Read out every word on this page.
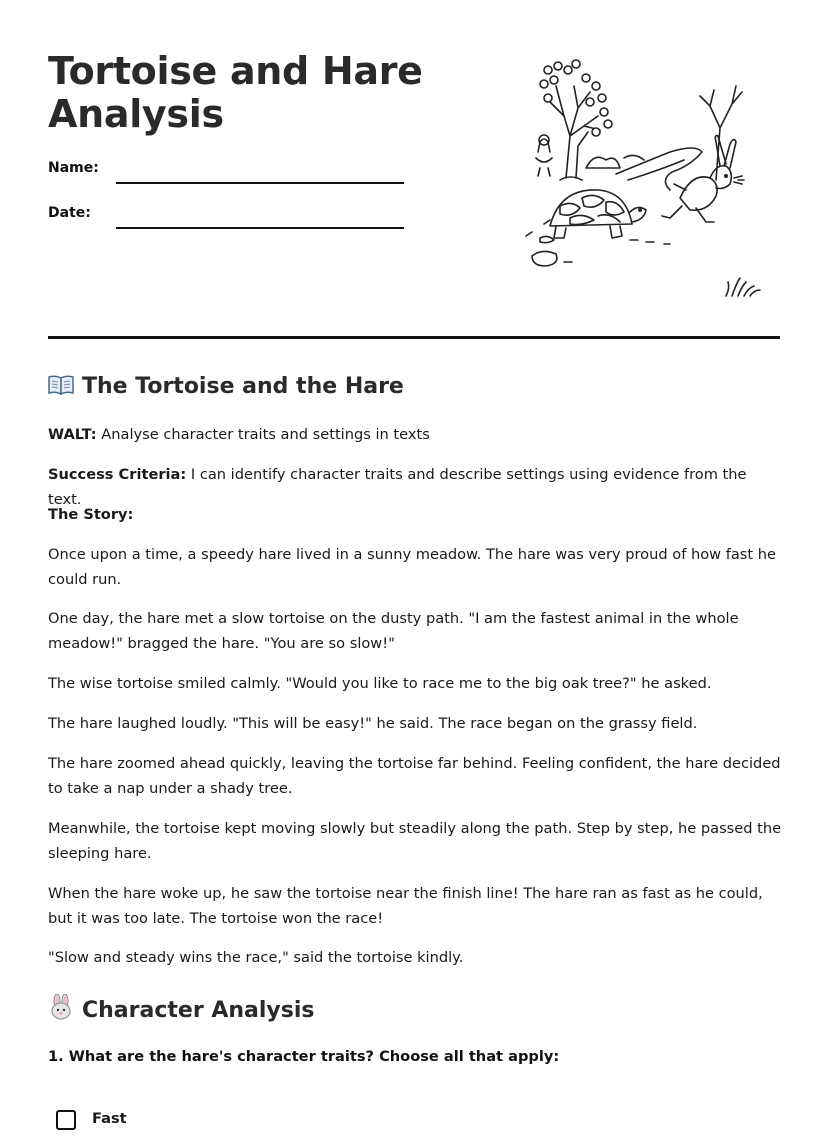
Tortoise and Hare Analysis
Name:
Date:
The Tortoise and the Hare

WALT: Analyse character traits and settings in texts

Success Criteria: I can identify character traits and describe settings using evidence from the text.

The Story:

Once upon a time, a speedy hare lived in a sunny meadow. The hare was very proud of how fast he could run.

One day, the hare met a slow tortoise on the dusty path. "I am the fastest animal in the whole meadow!" bragged the hare. "You are so slow!"

The wise tortoise smiled calmly. "Would you like to race me to the big oak tree?" he asked.

The hare laughed loudly. "This will be easy!" he said. The race began on the grassy field.

The hare zoomed ahead quickly, leaving the tortoise far behind. Feeling confident, the hare decided to take a nap under a shady tree.

Meanwhile, the tortoise kept moving slowly but steadily along the path. Step by step, he passed the sleeping hare.

When the hare woke up, he saw the tortoise near the finish line! The hare ran as fast as he could, but it was too late. The tortoise won the race!

"Slow and steady wins the race," said the tortoise kindly.

Character Analysis

1. What are the hare's character traits? Choose all that apply:

Fast
